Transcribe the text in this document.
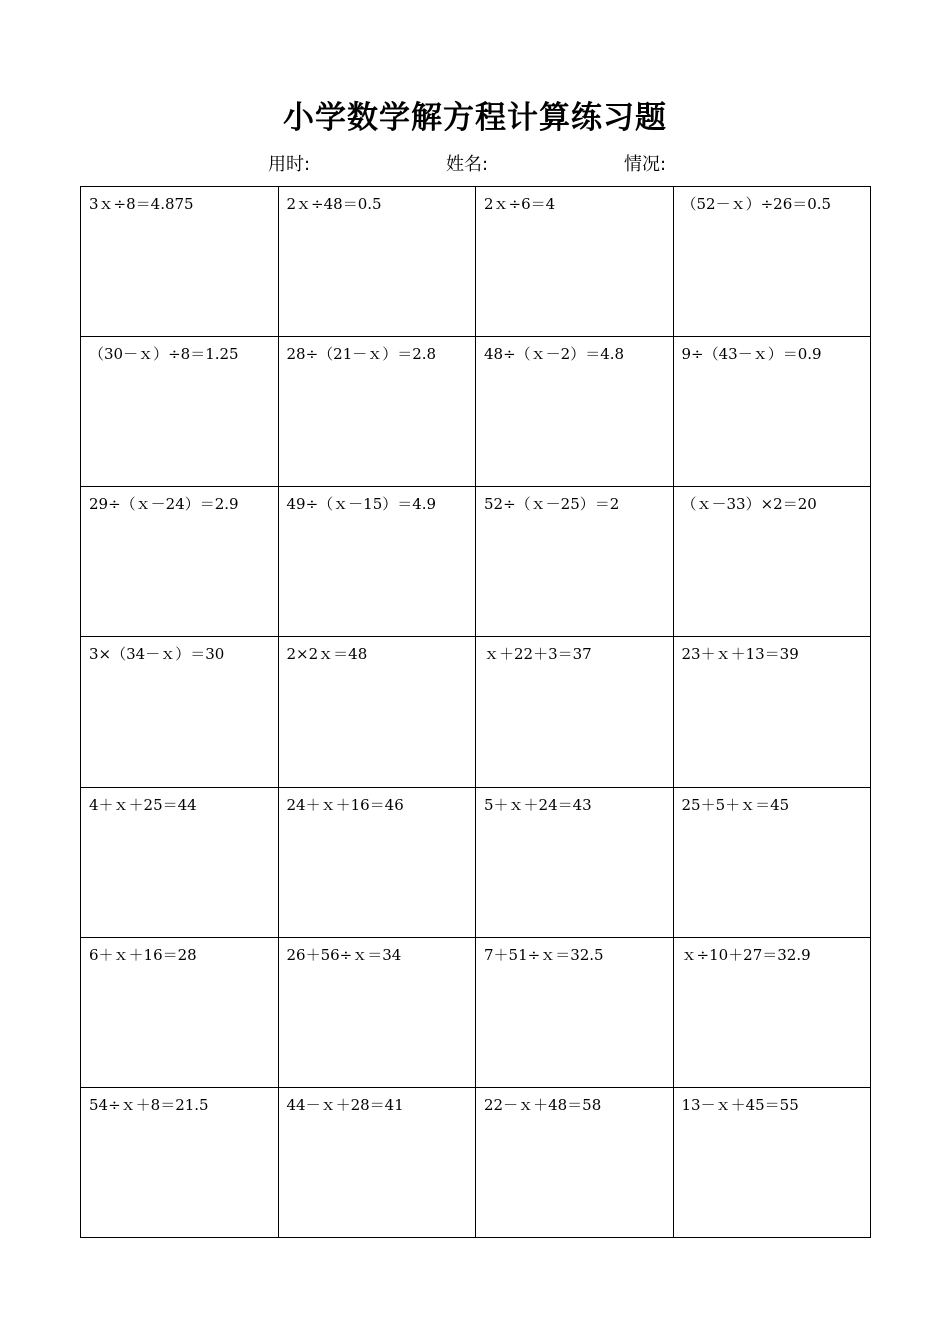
小学数学解方程计算练习题
用时:	姓名:	情况:
3ｘ÷8＝4.875	2ｘ÷48＝0.5	2ｘ÷6＝4	（52－ｘ）÷26＝0.5

（30－ｘ）÷8＝1.25	28÷（21－ｘ）＝2.8	48÷（ｘ－2）＝4.8	9÷（43－ｘ）＝0.9

29÷（ｘ－24）＝2.9	49÷（ｘ－15）＝4.9	52÷（ｘ－25）＝2	（ｘ－33）×2＝20

3×（34－ｘ）＝30	2×2ｘ＝48	ｘ＋22＋3＝37	23＋ｘ＋13＝39

4＋ｘ＋25＝44	24＋ｘ＋16＝46	5＋ｘ＋24＝43	25＋5＋ｘ＝45

6＋ｘ＋16＝28	26＋56÷ｘ＝34	7＋51÷ｘ＝32.5	ｘ÷10＋27＝32.9

54÷ｘ＋8＝21.5	44－ｘ＋28＝41	22－ｘ＋48＝58	13－ｘ＋45＝55
